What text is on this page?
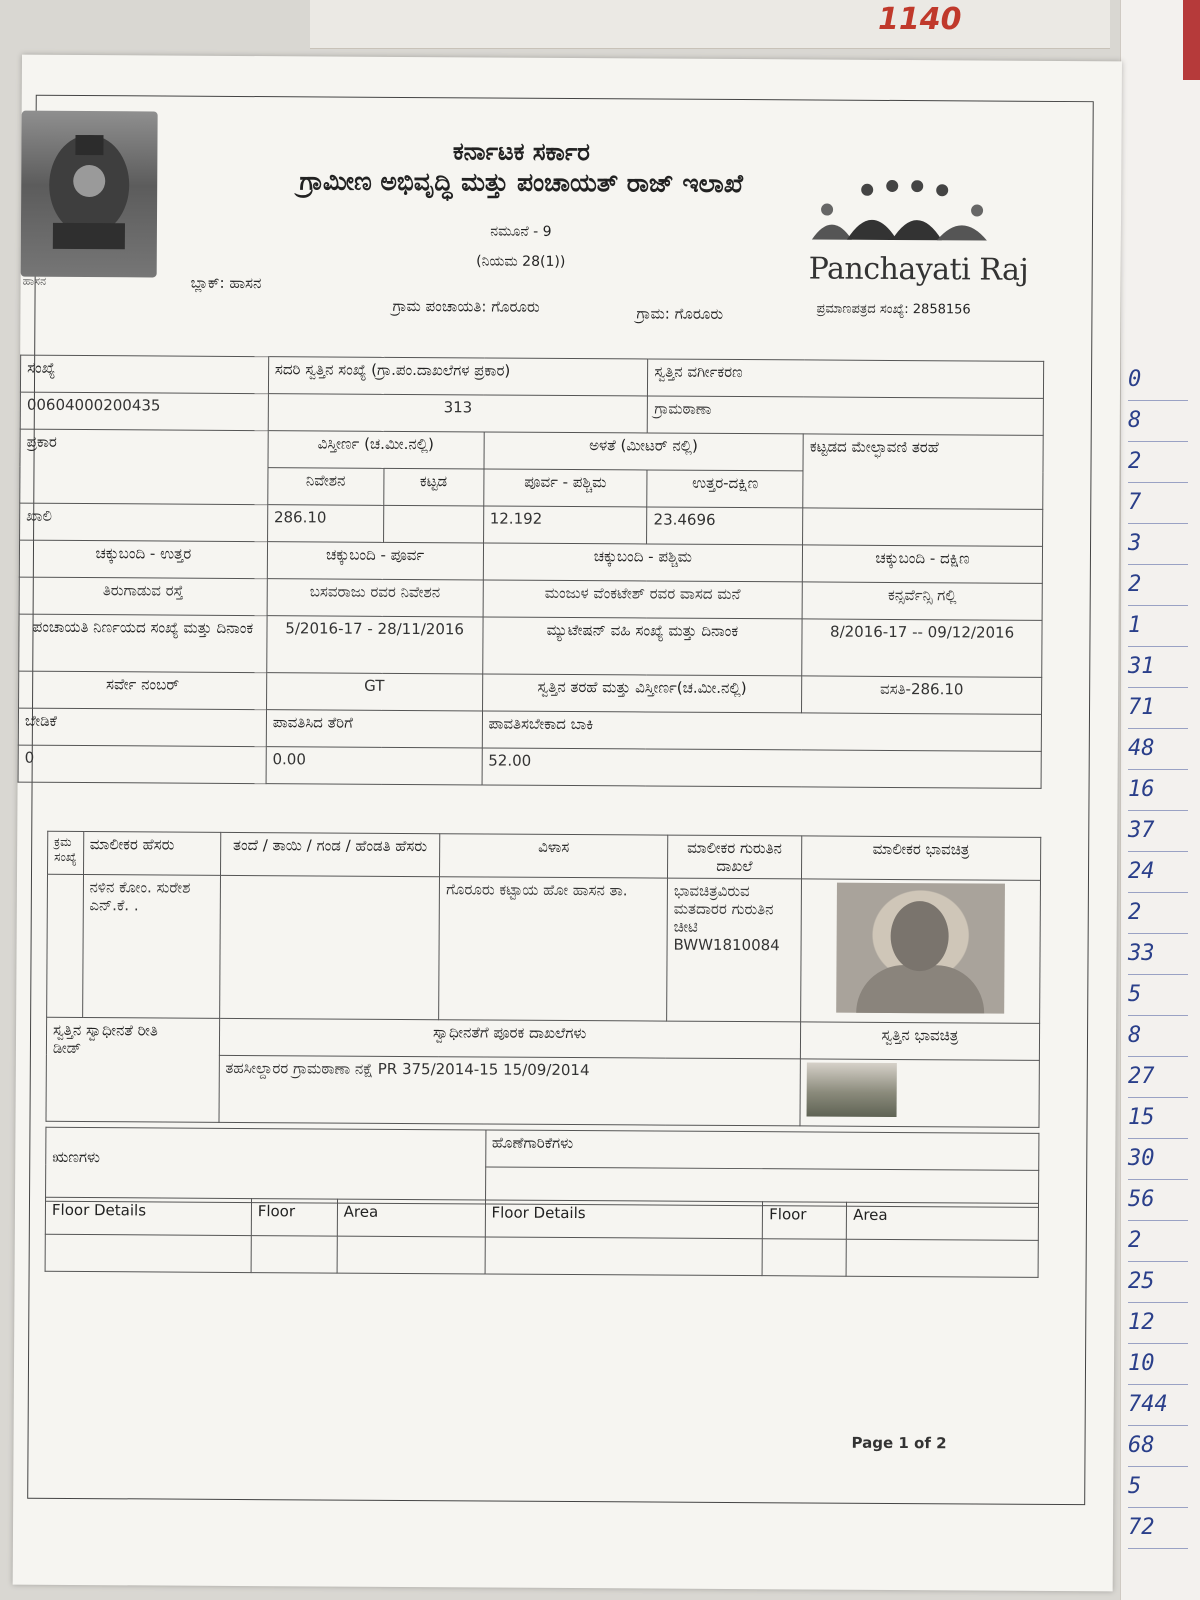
1140
0
8
2
7
3
2
1
31
71
48
16
37
24
2
33
5
8
27
15
30
56
2
25
12
10
744
68
5
72
ಹಾಸನ
ಕರ್ನಾಟಕ ಸರ್ಕಾರ
ಗ್ರಾಮೀಣ ಅಭಿವೃದ್ಧಿ ಮತ್ತು ಪಂಚಾಯತ್ ರಾಜ್ ಇಲಾಖೆ
ನಮೂನೆ - 9
(ನಿಯಮ 28(1))	Panchayati Raj
ಬ್ಲಾಕ್: ಹಾಸನ
ಗ್ರಾಮ ಪಂಚಾಯತಿ: ಗೊರೂರು	ಗ್ರಾಮ: ಗೊರೂರು	ಪ್ರಮಾಣಪತ್ರದ ಸಂಖ್ಯೆ: 2858156
ಸಂಖ್ಯೆ	ಸದರಿ ಸ್ವತ್ತಿನ ಸಂಖ್ಯೆ (ಗ್ರಾ.ಪಂ.ದಾಖಲೆಗಳ ಪ್ರಕಾರ)			ಸ್ವತ್ತಿನ ವರ್ಗೀಕರಣ	
00604000200435	313			ಗ್ರಾಮಠಾಣಾ	
ಪ್ರಕಾರ	ವಿಸ್ತೀರ್ಣ (ಚ.ಮೀ.ನಲ್ಲಿ)		ಅಳತೆ (ಮೀಟರ್ ನಲ್ಲಿ)		ಕಟ್ಟಡದ ಮೇಲ್ಛಾವಣಿ ತರಹೆ
	ನಿವೇಶನ	ಕಟ್ಟಡ	ಪೂರ್ವ - ಪಶ್ಚಿಮ	ಉತ್ತರ-ದಕ್ಷಿಣ	
ಖಾಲಿ	286.10		12.192	23.4696	
ಚಕ್ಕುಬಂದಿ - ಉತ್ತರ	ಚಕ್ಕುಬಂದಿ - ಪೂರ್ವ		ಚಕ್ಕುಬಂದಿ - ಪಶ್ಚಿಮ		ಚಕ್ಕುಬಂದಿ - ದಕ್ಷಿಣ
ತಿರುಗಾಡುವ ರಸ್ತೆ	ಬಸವರಾಜು ರವರ ನಿವೇಶನ		ಮಂಜುಳ ವೆಂಕಟೇಶ್ ರವರ ವಾಸದ ಮನೆ		ಕನ್ಸರ್ವೆನ್ಸಿ ಗಲ್ಲಿ
ಪಂಚಾಯತಿ ನಿರ್ಣಯದ ಸಂಖ್ಯೆ ಮತ್ತು ದಿನಾಂಕ	5/2016-17 - 28/11/2016		ಮ್ಯುಟೇಷನ್ ವಹಿ ಸಂಖ್ಯೆ ಮತ್ತು ದಿನಾಂಕ		8/2016-17 -- 09/12/2016
ಸರ್ವೇ ನಂಬರ್	GT		ಸ್ವತ್ತಿನ ತರಹೆ ಮತ್ತು ವಿಸ್ತೀರ್ಣ(ಚ.ಮೀ.ನಲ್ಲಿ)		ವಸತಿ-286.10
ಬೇಡಿಕೆ	ಪಾವತಿಸಿದ ತೆರಿಗೆ		ಪಾವತಿಸಬೇಕಾದ ಬಾಕಿ		
0	0.00		52.00		
ಕ್ರಮ ಸಂಖ್ಯೆ	ಮಾಲೀಕರ ಹೆಸರು	ತಂದೆ / ತಾಯಿ / ಗಂಡ / ಹೆಂಡತಿ ಹೆಸರು	ವಿಳಾಸ	ಮಾಲೀಕರ ಗುರುತಿನ ದಾಖಲೆ	ಮಾಲೀಕರ ಭಾವಚಿತ್ರ
	ನಳಿನ ಕೋಂ. ಸುರೇಶ ಎನ್.ಕೆ. .		ಗೊರೂರು ಕಟ್ಟಾಯ ಹೋ ಹಾಸನ ತಾ.	ಭಾವಚಿತ್ರವಿರುವ ಮತದಾರರ ಗುರುತಿನ ಚೀಟಿ BWW1810084	

ಸ್ವತ್ತಿನ ಸ್ವಾಧೀನತೆ ರೀತಿ
ಡೀಡ್		ಸ್ವಾಧೀನತೆಗೆ ಪೂರಕ ದಾಖಲೆಗಳು			ಸ್ವತ್ತಿನ ಭಾವಚಿತ್ರ
		ತಹಸೀಲ್ದಾರರ ಗ್ರಾಮಠಾಣಾ ನಕ್ಷೆ PR 375/2014-15 15/09/2014			
ಋಣಗಳು	ಹೊಣೆಗಾರಿಕೆಗಳು

Floor Details	Floor	Area	Floor Details	Floor	Area

Page 1 of 2
